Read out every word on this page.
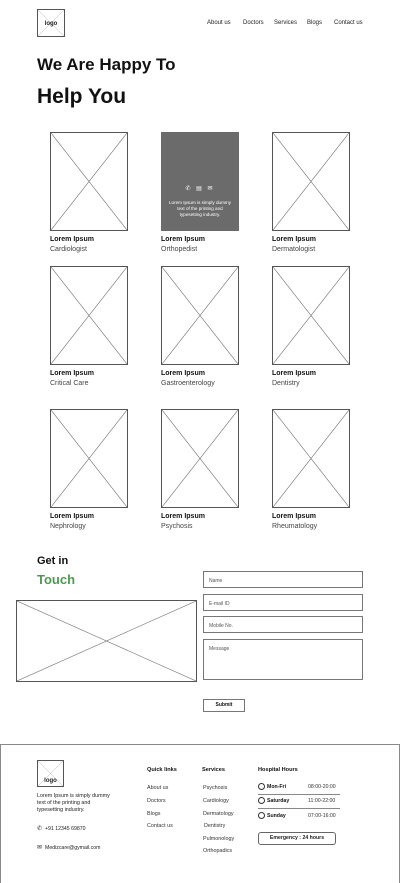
logo	About us Doctors Services Blogs Contact us
We Are Happy To
Help You
Lorem Ipsum
Cardiologist
Lorem Ipsum
Orthopedist
Lorem Ipsum
Dermatologist
Lorem Ipsum
Critical Care
Lorem Ipsum
Gastroenterology
Lorem Ipsum
Dentistry
Lorem Ipsum
Nephrology
Lorem Ipsum
Psychosis
Lorem Ipsum
Rheumatology
✆ ▤ ✉
Lorem Ipsum is simply dummy text of the printing and typesetting industry.
Get in
Touch	Name
E-mail ID
Mobile No.
Message
Submit
logo
Lorem Ipsum is simply dummy text of the printing and typesetting industry.
✆ +91 12345 69870
✉ Medizcare@gymail.com
Quick links
About us
Doctors
Blogs
Contact us
Services
Psychosis
Cardiology
Dermatology
Dentistry
Pulmonology
Orthopadics
Hospital Hours
Mon-Fri	08:00-20:00
Saturday	11:00-22:00
Sunday	07:00-16:00
Emergency : 24 hours
